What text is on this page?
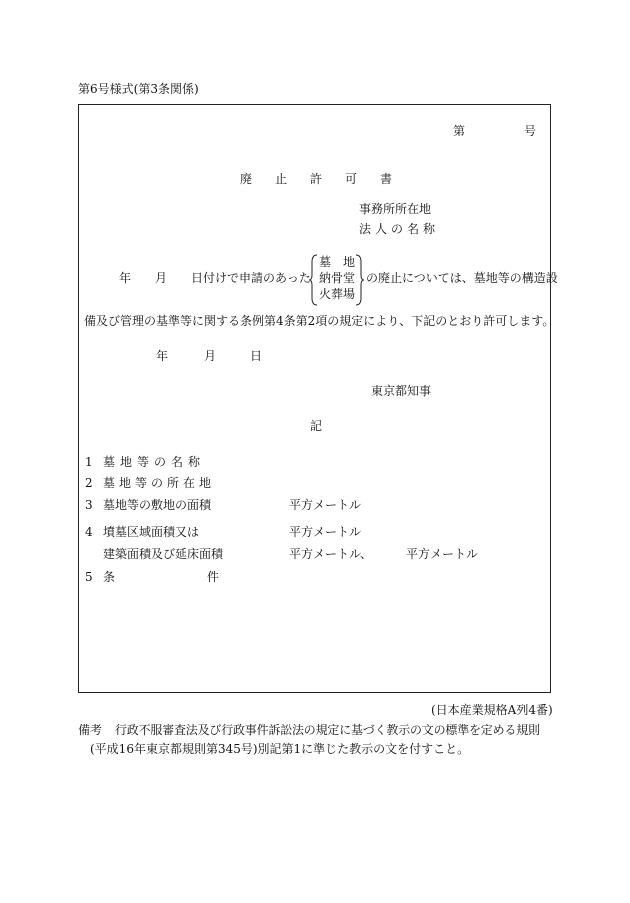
第6号様式(第3条関係)
第	号
廃 止 許 可 書
事務所所在地
法人の名称
年 月 日付けで申請のあった
墓　地
納骨堂
火葬場
の廃止については、墓地等の構造設
備及び管理の基準等に関する条例第4条第2項の規定により、下記のとおり許可します。
年	月	日
東京都知事
記
1 墓地等の名称
2 墓地等の所在地
3 墓地等の敷地の面積	平方メートル
4 墳墓区域面積又は	平方メートル
建築面積及び延床面積	平方メートル、	平方メートル
5 条	件
(日本産業規格A列4番)
備考 行政不服審査法及び行政事件訴訟法の規定に基づく教示の文の標準を定める規則
(平成16年東京都規則第345号)別記第1に準じた教示の文を付すこと。
